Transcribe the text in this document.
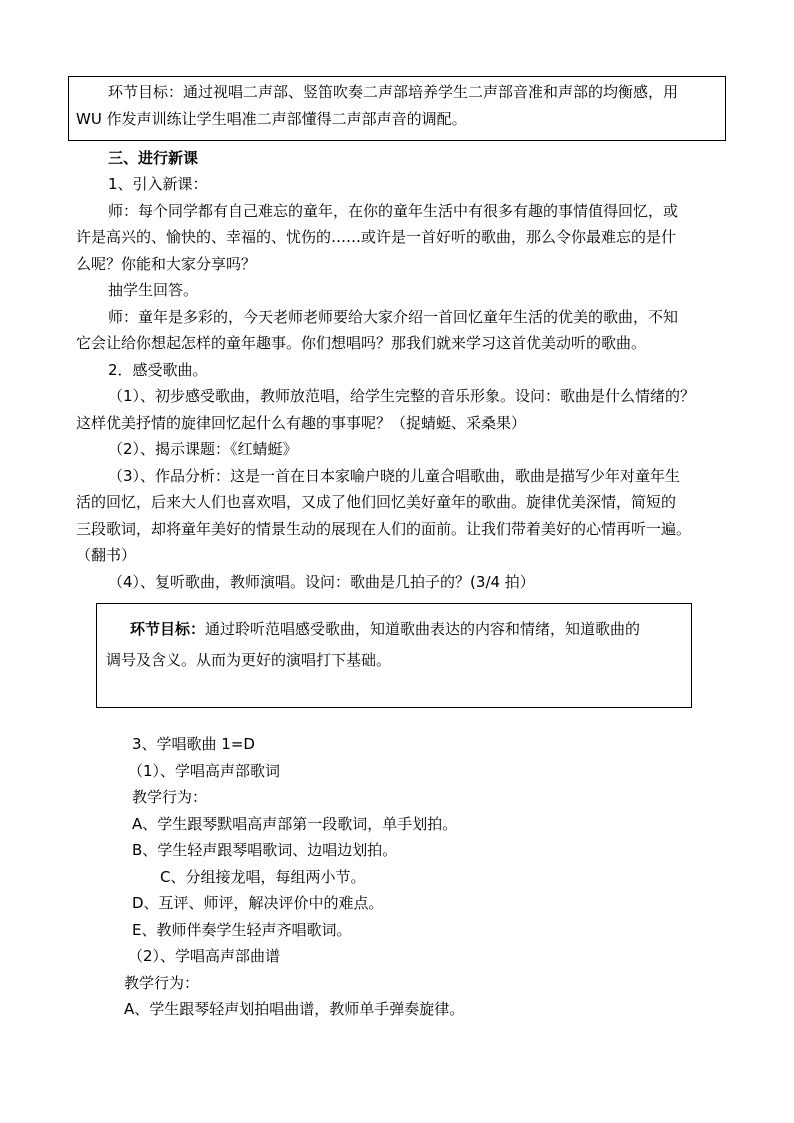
环节目标：通过视唱二声部、竖笛吹奏二声部培养学生二声部音准和声部的均衡感，用
WU 作发声训练让学生唱准二声部懂得二声部声音的调配。
三、进行新课
1、引入新课：
师：每个同学都有自己难忘的童年，在你的童年生活中有很多有趣的事情值得回忆，或
许是高兴的、愉快的、幸福的、忧伤的……或许是一首好听的歌曲，那么令你最难忘的是什
么呢？你能和大家分享吗？
抽学生回答。
师：童年是多彩的，今天老师老师要给大家介绍一首回忆童年生活的优美的歌曲，不知
它会让给你想起怎样的童年趣事。你们想唱吗？那我们就来学习这首优美动听的歌曲。
2．感受歌曲。
（1）、初步感受歌曲，教师放范唱，给学生完整的音乐形象。设问：歌曲是什么情绪的？
这样优美抒情的旋律回忆起什么有趣的事事呢？（捉蜻蜓、采桑果）
（2）、揭示课题：《红蜻蜓》
（3）、作品分析：这是一首在日本家喻户晓的儿童合唱歌曲，歌曲是描写少年对童年生
活的回忆，后来大人们也喜欢唱，又成了他们回忆美好童年的歌曲。旋律优美深情，简短的
三段歌词，却将童年美好的情景生动的展现在人们的面前。让我们带着美好的心情再听一遍。
（翻书）
（4）、复听歌曲，教师演唱。设问：歌曲是几拍子的？(3/4 拍）
环节目标：通过聆听范唱感受歌曲，知道歌曲表达的内容和情绪，知道歌曲的
调号及含义。从而为更好的演唱打下基础。
3、学唱歌曲 1=D
（1）、学唱高声部歌词
教学行为：
A、学生跟琴默唱高声部第一段歌词，单手划拍。
B、学生轻声跟琴唱歌词、边唱边划拍。
C、分组接龙唱，每组两小节。
D、互评、师评，解决评价中的难点。
E、教师伴奏学生轻声齐唱歌词。
（2）、学唱高声部曲谱
教学行为：
A、学生跟琴轻声划拍唱曲谱，教师单手弹奏旋律。
